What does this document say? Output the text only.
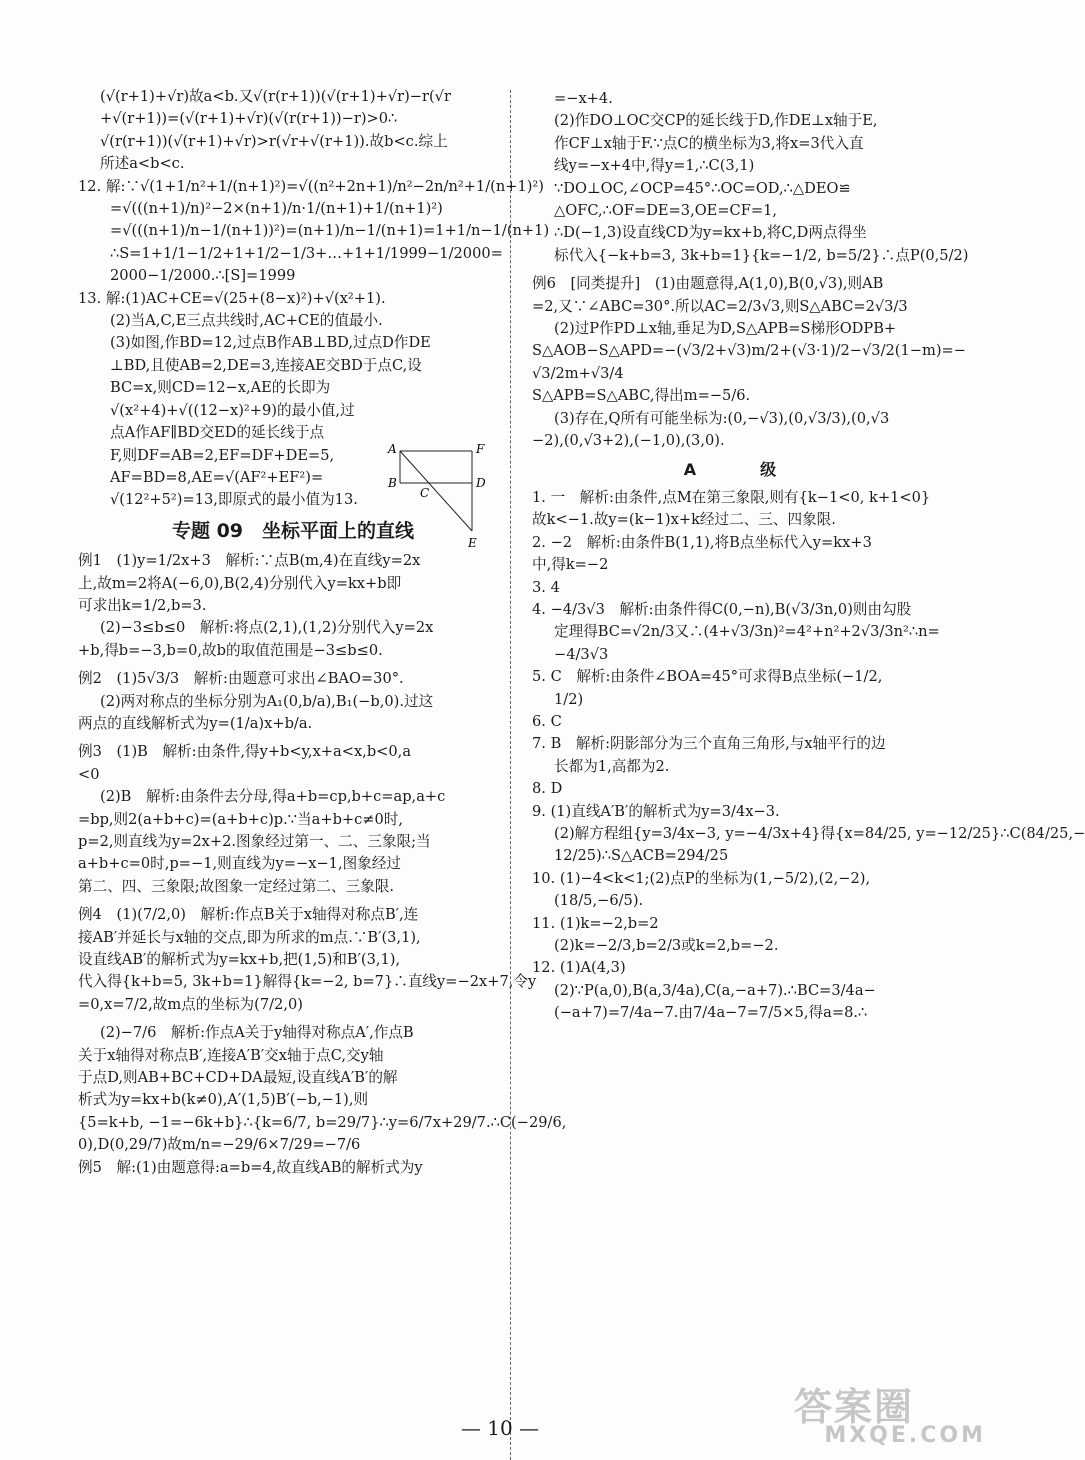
(√(r+1)+√r)故a<b.又√(r(r+1))(√(r+1)+√r)−r(√r

+√(r+1))=(√(r+1)+√r)(√(r(r+1))−r)>0∴

√(r(r+1))(√(r+1)+√r)>r(√r+√(r+1)).故b<c.综上

所述a<b<c.

12. 解:∵√(1+1/n²+1/(n+1)²)=√((n²+2n+1)/n²−2n/n²+1/(n+1)²)

=√(((n+1)/n)²−2×(n+1)/n·1/(n+1)+1/(n+1)²)

=√(((n+1)/n−1/(n+1))²)=(n+1)/n−1/(n+1)=1+1/n−1/(n+1)

∴S=1+1/1−1/2+1+1/2−1/3+…+1+1/1999−1/2000=

2000−1/2000.∴[S]=1999

13. 解:(1)AC+CE=√(25+(8−x)²)+√(x²+1).

(2)当A,C,E三点共线时,AC+CE的值最小.

(3)如图,作BD=12,过点B作AB⊥BD,过点D作DE

⊥BD,且使AB=2,DE=3,连接AE交BD于点C,设

BC=x,则CD=12−x,AE的长即为

√(x²+4)+√((12−x)²+9)的最小值,过

点A作AF∥BD交ED的延长线于点

F,则DF=AB=2,EF=DF+DE=5,

AF=BD=8,AE=√(AF²+EF²)=

√(12²+5²)=13,即原式的最小值为13.

A	F
B
C
D
E
专题 09　坐标平面上的直线

例1　(1)y=1/2x+3　解析:∵点B(m,4)在直线y=2x

上,故m=2将A(−6,0),B(2,4)分别代入y=kx+b即

可求出k=1/2,b=3.

(2)−3≤b≤0　解析:将点(2,1),(1,2)分别代入y=2x

+b,得b=−3,b=0,故b的取值范围是−3≤b≤0.

例2　(1)5√3/3　解析:由题意可求出∠BAO=30°.

(2)两对称点的坐标分别为A₁(0,b/a),B₁(−b,0).过这

两点的直线解析式为y=(1/a)x+b/a.

例3　(1)B　解析:由条件,得y+b<y,x+a<x,b<0,a

<0

(2)B　解析:由条件去分母,得a+b=cp,b+c=ap,a+c

=bp,则2(a+b+c)=(a+b+c)p.∵当a+b+c≠0时,

p=2,则直线为y=2x+2.图象经过第一、二、三象限;当

a+b+c=0时,p=−1,则直线为y=−x−1,图象经过

第二、四、三象限;故图象一定经过第二、三象限.

例4　(1)(7/2,0)　解析:作点B关于x轴得对称点B′,连

接AB′并延长与x轴的交点,即为所求的m点.∵B′(3,1),

设直线AB′的解析式为y=kx+b,把(1,5)和B′(3,1),

代入得{k+b=5, 3k+b=1}解得{k=−2, b=7}∴直线y=−2x+7,令y

=0,x=7/2,故m点的坐标为(7/2,0)

(2)−7/6　解析:作点A关于y轴得对称点A′,作点B

关于x轴得对称点B′,连接A′B′交x轴于点C,交y轴

于点D,则AB+BC+CD+DA最短,设直线A′B′的解

析式为y=kx+b(k≠0),A′(1,5)B′(−b,−1),则

{5=k+b, −1=−6k+b}∴{k=6/7, b=29/7}∴y=6/7x+29/7.∴C(−29/6,

0),D(0,29/7)故m/n=−29/6×7/29=−7/6

例5　解:(1)由题意得:a=b=4,故直线AB的解析式为y

=−x+4.

(2)作DO⊥OC交CP的延长线于D,作DE⊥x轴于E,

作CF⊥x轴于F.∵点C的横坐标为3,将x=3代入直

线y=−x+4中,得y=1,∴C(3,1)

∵DO⊥OC,∠OCP=45°∴OC=OD,∴△DEO≌

△OFC,∴OF=DE=3,OE=CF=1,

∴D(−1,3)设直线CD为y=kx+b,将C,D两点得坐

标代入{−k+b=3, 3k+b=1}{k=−1/2, b=5/2}∴点P(0,5/2)

例6　[同类提升]　(1)由题意得,A(1,0),B(0,√3),则AB

=2,又∵∠ABC=30°.所以AC=2/3√3,则S△ABC=2√3/3

(2)过P作PD⊥x轴,垂足为D,S△APB=S梯形ODPB+

S△AOB−S△APD=−(√3/2+√3)m/2+(√3·1)/2−√3/2(1−m)=−

√3/2m+√3/4

S△APB=S△ABC,得出m=−5/6.

(3)存在,Q所有可能坐标为:(0,−√3),(0,√3/3),(0,√3

−2),(0,√3+2),(−1,0),(3,0).

A　级

1. 一　解析:由条件,点M在第三象限,则有{k−1<0, k+1<0}

故k<−1.故y=(k−1)x+k经过二、三、四象限.

2. −2　解析:由条件B(1,1),将B点坐标代入y=kx+3

中,得k=−2

3. 4

4. −4/3√3　解析:由条件得C(0,−n),B(√3/3n,0)则由勾股

定理得BC=√2n/3又∴(4+√3/3n)²=4²+n²+2√3/3n²∴n=

−4/3√3

5. C　解析:由条件∠BOA=45°可求得B点坐标(−1/2,

1/2)

6. C

7. B　解析:阴影部分为三个直角三角形,与x轴平行的边

长都为1,高都为2.

8. D

9. (1)直线A′B′的解析式为y=3/4x−3.

(2)解方程组{y=3/4x−3, y=−4/3x+4}得{x=84/25, y=−12/25}∴C(84/25,−

12/25)∴S△ACB=294/25

10. (1)−4<k<1;(2)点P的坐标为(1,−5/2),(2,−2),

(18/5,−6/5).

11. (1)k=−2,b=2

(2)k=−2/3,b=2/3或k=2,b=−2.

12. (1)A(4,3)

(2)∵P(a,0),B(a,3/4a),C(a,−a+7).∴BC=3/4a−

(−a+7)=7/4a−7.由7/4a−7=7/5×5,得a=8.∴

— 10 —	答案圈
MXQE.COM
